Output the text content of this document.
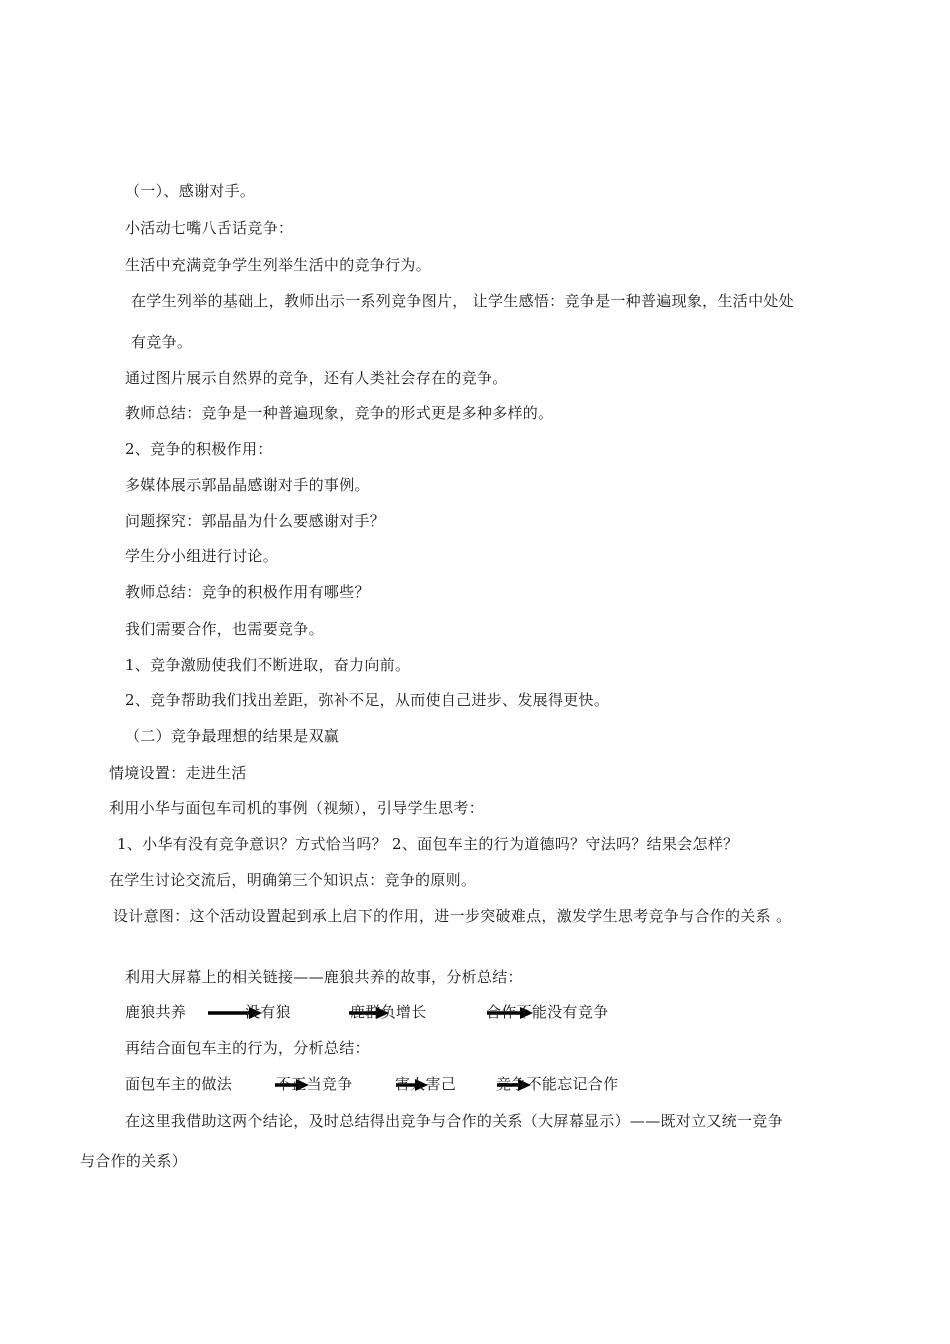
（一）、感谢对手。
小活动七嘴八舌话竞争：
生活中充满竞争学生列举生活中的竞争行为。
在学生列举的基础上，教师出示一系列竞争图片， 让学生感悟：竞争是一种普遍现象，生活中处处
有竞争。
通过图片展示自然界的竞争，还有人类社会存在的竞争。
教师总结：竞争是一种普遍现象，竞争的形式更是多种多样的。
2、竞争的积极作用：
多媒体展示郭晶晶感谢对手的事例。
问题探究：郭晶晶为什么要感谢对手？
学生分小组进行讨论。
教师总结：竞争的积极作用有哪些？
我们需要合作，也需要竞争。
1、竞争激励使我们不断进取，奋力向前。
2、竞争帮助我们找出差距，弥补不足，从而使自己进步、发展得更快。
（二）竞争最理想的结果是双赢
情境设置：走进生活
利用小华与面包车司机的事例（视频），引导学生思考：
1、小华有没有竞争意识？方式恰当吗？ 2、面包车主的行为道德吗？守法吗？结果会怎样？
在学生讨论交流后，明确第三个知识点：竞争的原则。
设计意图：这个活动设置起到承上启下的作用，进一步突破难点，激发学生思考竞争与合作的关系 。
利用大屏幕上的相关链接——鹿狼共养的故事，分析总结：
鹿狼共养	没有狼	鹿群负增长	合作不能没有竞争
再结合面包车主的行为，分析总结：
面包车主的做法	不正当竞争	害人害己	竞争不能忘记合作
在这里我借助这两个结论，及时总结得出竞争与合作的关系（大屏幕显示）——既对立又统一竞争
与合作的关系）
